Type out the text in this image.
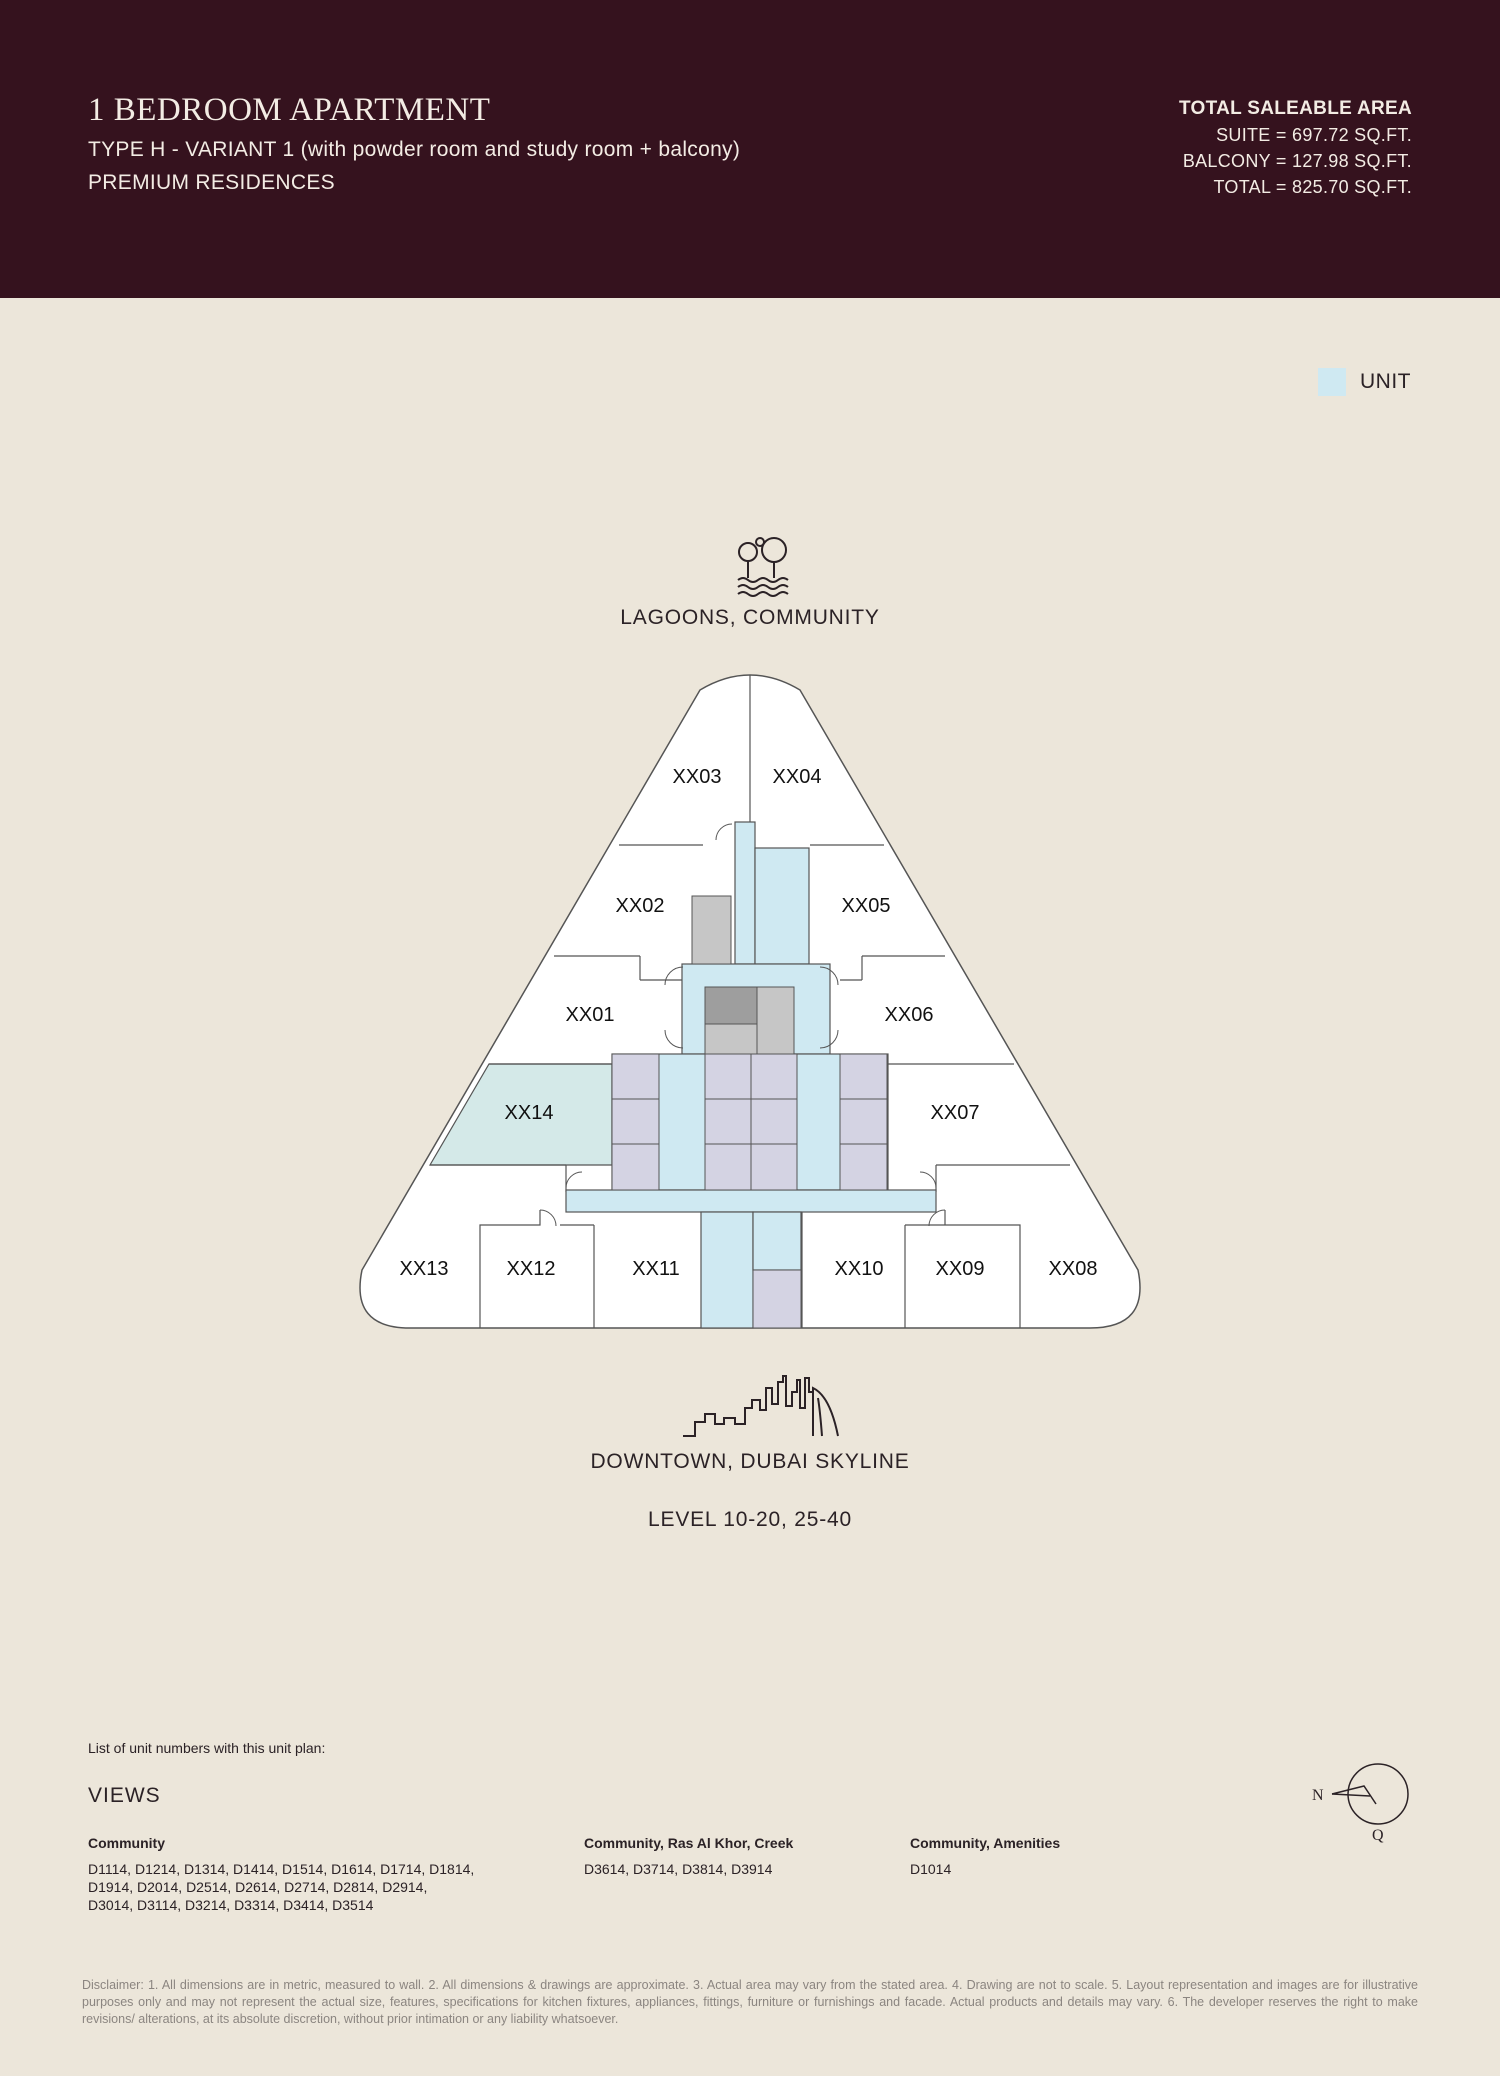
1 BEDROOM APARTMENT
TYPE H - VARIANT 1 (with powder room and study room + balcony)
PREMIUM RESIDENCES
TOTAL SALEABLE AREA
SUITE = 697.72 SQ.FT.
BALCONY = 127.98 SQ.FT.
TOTAL = 825.70 SQ.FT.
UNIT
XX03	XX04
XX02	XX05
XX01	XX06
XX14	XX07
XX13	XX12	XX11	XX10	XX09	XX08
LAGOONS, COMMUNITY
DOWNTOWN, DUBAI SKYLINE
LEVEL 10-20, 25-40
List of unit numbers with this unit plan:
VIEWS
Community
D1114, D1214, D1314, D1414, D1514, D1614, D1714, D1814,
D1914, D2014, D2514, D2614, D2714, D2814, D2914,
D3014, D3114, D3214, D3314, D3414, D3514
Community, Ras Al Khor, Creek
D3614, D3714, D3814, D3914
Community, Amenities
D1014
N
Q
Disclaimer: 1. All dimensions are in metric, measured to wall. 2. All dimensions & drawings are approximate. 3. Actual area may vary from the stated area. 4. Drawing are not to scale. 5. Layout representation and images are for illustrative purposes only and may not represent the actual size, features, specifications for kitchen fixtures, appliances, fittings, furniture or furnishings and facade. Actual products and details may vary. 6. The developer reserves the right to make revisions/ alterations, at its absolute discretion, without prior intimation or any liability whatsoever.
